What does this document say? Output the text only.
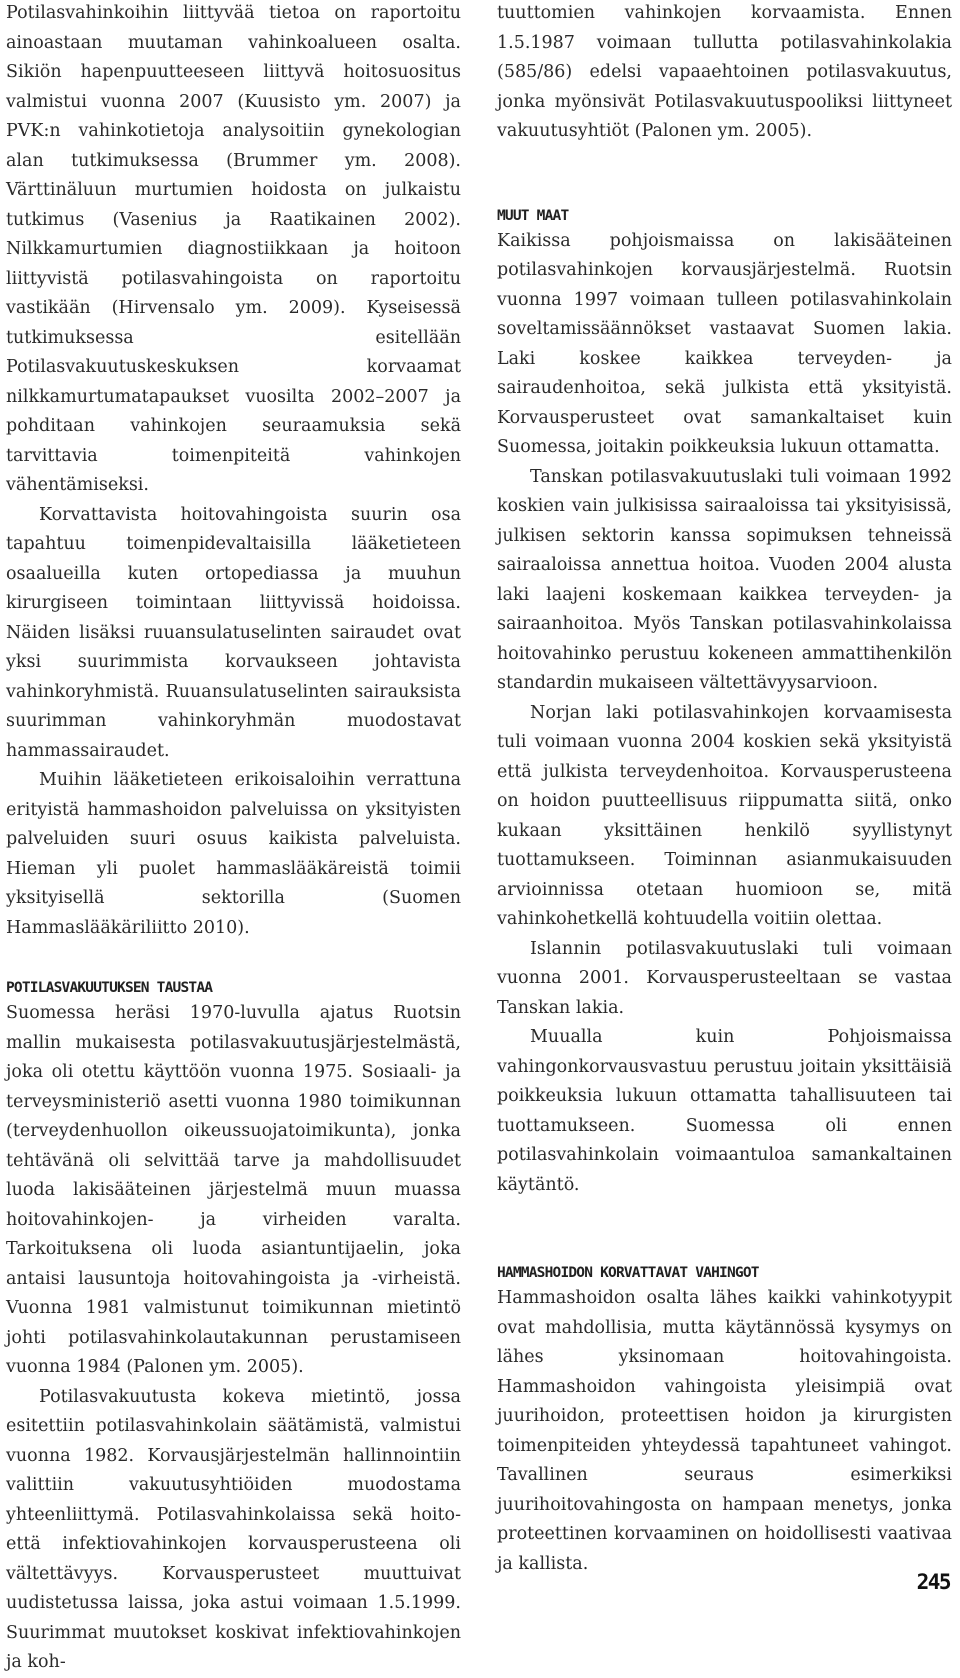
Potilasvahinkoihin liittyvää tietoa on raportoitu ainoastaan muutaman vahinkoalueen osalta. Sikiön hapenpuutteeseen liittyvä hoitosuositus valmistui vuonna 2007 (Kuusisto ym. 2007) ja PVK:n vahinkotietoja analysoitiin gynekologian alan tutkimuksessa (Brummer ym. 2008). Värttinäluun murtumien hoidosta on julkaistu tutkimus (Vasenius ja Raatikainen 2002). Nilkkamurtumien diagnostiikkaan ja hoitoon liittyvistä potilasvahingoista on raportoitu vastikään (Hirvensalo ym. 2009). Kyseisessä tutkimuksessa esitellään Potilasvakuutuskeskuksen korvaamat nilkkamurtumatapaukset vuosilta 2002–2007 ja pohditaan vahinkojen seuraamuksia sekä tarvittavia toimenpiteitä vahinkojen vähentämiseksi.

Korvattavista hoitovahingoista suurin osa tapahtuu toimenpidevaltaisilla lääketieteen osaalueilla kuten ortopediassa ja muuhun kirurgiseen toimintaan liittyvissä hoidoissa. Näiden lisäksi ruuansulatuselinten sairaudet ovat yksi suurimmista korvaukseen johtavista vahinkoryhmistä. Ruuansulatuselinten sairauksista suurimman vahinkoryhmän muodostavat hammassairaudet.

Muihin lääketieteen erikoisaloihin verrattuna erityistä hammashoidon palveluissa on yksityisten palveluiden suuri osuus kaikista palveluista. Hieman yli puolet hammaslääkäreistä toimii yksityisellä sektorilla (Suomen Hammaslääkäriliitto 2010).

POTILASVAKUUTUKSEN TAUSTAA

Suomessa heräsi 1970-luvulla ajatus Ruotsin mallin mukaisesta potilasvakuutusjärjestelmästä, joka oli otettu käyttöön vuonna 1975. Sosiaali- ja terveysministeriö asetti vuonna 1980 toimikunnan (terveydenhuollon oikeussuojatoimikunta), jonka tehtävänä oli selvittää tarve ja mahdollisuudet luoda lakisääteinen järjestelmä muun muassa hoitovahinkojen- ja virheiden varalta. Tarkoituksena oli luoda asiantuntijaelin, joka antaisi lausuntoja hoitovahingoista ja -virheistä. Vuonna 1981 valmistunut toimikunnan mietintö johti potilasvahinkolautakunnan perustamiseen vuonna 1984 (Palonen ym. 2005).

Potilasvakuutusta kokeva mietintö, jossa esitettiin potilasvahinkolain säätämistä, valmistui vuonna 1982. Korvausjärjestelmän hallinnointiin valittiin vakuutusyhtiöiden muodostama yhteenliittymä. Potilasvahinkolaissa sekä hoito- että infektiovahinkojen korvausperusteena oli vältettävyys. Korvausperusteet muuttuivat uudistetussa laissa, joka astui voimaan 1.5.1999. Suurimmat muutokset koskivat infektiovahinkojen ja koh-

tuuttomien vahinkojen korvaamista. Ennen 1.5.1987 voimaan tullutta potilasvahinkolakia (585/86) edelsi vapaaehtoinen potilasvakuutus, jonka myönsivät Potilasvakuutuspooliksi liittyneet vakuutusyhtiöt (Palonen ym. 2005).

MUUT MAAT

Kaikissa pohjoismaissa on lakisääteinen potilasvahinkojen korvausjärjestelmä. Ruotsin vuonna 1997 voimaan tulleen potilasvahinkolain soveltamissäännökset vastaavat Suomen lakia. Laki koskee kaikkea terveyden- ja sairaudenhoitoa, sekä julkista että yksityistä. Korvausperusteet ovat samankaltaiset kuin Suomessa, joitakin poikkeuksia lukuun ottamatta.

Tanskan potilasvakuutuslaki tuli voimaan 1992 koskien vain julkisissa sairaaloissa tai yksityisissä, julkisen sektorin kanssa sopimuksen tehneissä sairaaloissa annettua hoitoa. Vuoden 2004 alusta laki laajeni koskemaan kaikkea terveyden- ja sairaanhoitoa. Myös Tanskan potilasvahinkolaissa hoitovahinko perustuu kokeneen ammattihenkilön standardin mukaiseen vältettävyysarvioon.

Norjan laki potilasvahinkojen korvaamisesta tuli voimaan vuonna 2004 koskien sekä yksityistä että julkista terveydenhoitoa. Korvausperusteena on hoidon puutteellisuus riippumatta siitä, onko kukaan yksittäinen henkilö syyllistynyt tuottamukseen. Toiminnan asianmukaisuuden arvioinnissa otetaan huomioon se, mitä vahinkohetkellä kohtuudella voitiin olettaa.

Islannin potilasvakuutuslaki tuli voimaan vuonna 2001. Korvausperusteeltaan se vastaa Tanskan lakia.

Muualla kuin Pohjoismaissa vahingonkorvausvastuu perustuu joitain yksittäisiä poikkeuksia lukuun ottamatta tahallisuuteen tai tuottamukseen. Suomessa oli ennen potilasvahinkolain voimaantuloa samankaltainen käytäntö.

HAMMASHOIDON KORVATTAVAT VAHINGOT

Hammashoidon osalta lähes kaikki vahinkotyypit ovat mahdollisia, mutta käytännössä kysymys on lähes yksinomaan hoitovahingoista. Hammashoidon vahingoista yleisimpiä ovat juurihoidon, proteettisen hoidon ja kirurgisten toimenpiteiden yhteydessä tapahtuneet vahingot. Tavallinen seuraus esimerkiksi juurihoitovahingosta on hampaan menetys, jonka proteettinen korvaaminen on hoidollisesti vaativaa ja kallista.

245
